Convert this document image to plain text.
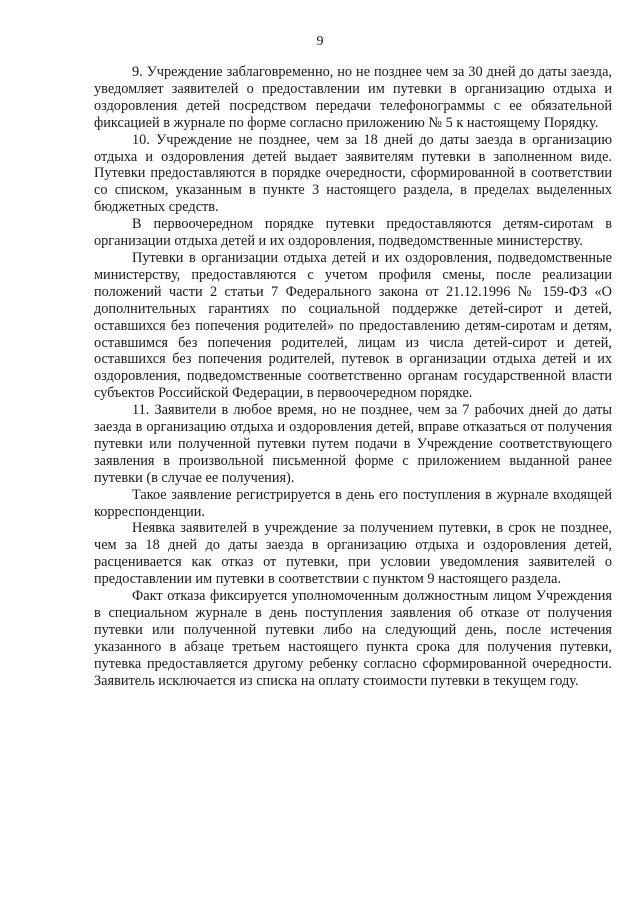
9

9. Учреждение заблаговременно, но не позднее чем за 30 дней до даты заезда, уведомляет заявителей о предоставлении им путевки в организацию отдыха и оздоровления детей посредством передачи телефонограммы с ее обязательной фиксацией в журнале по форме согласно приложению № 5 к настоящему Порядку.

10. Учреждение не позднее, чем за 18 дней до даты заезда в организацию отдыха и оздоровления детей выдает заявителям путевки в заполненном виде. Путевки предоставляются в порядке очередности, сформированной в соответствии со списком, указанным в пункте 3 настоящего раздела, в пределах выделенных бюджетных средств.

В первоочередном порядке путевки предоставляются детям-сиротам в организации отдыха детей и их оздоровления, подведомственные министерству.

Путевки в организации отдыха детей и их оздоровления, подведомственные министерству, предоставляются с учетом профиля смены, после реализации положений части 2 статьи 7 Федерального закона от 21.12.1996 № 159-ФЗ «О дополнительных гарантиях по социальной поддержке детей-сирот и детей, оставшихся без попечения родителей» по предоставлению детям-сиротам и детям, оставшимся без попечения родителей, лицам из числа детей-сирот и детей, оставшихся без попечения родителей, путевок в организации отдыха детей и их оздоровления, подведомственные соответственно органам государственной власти субъектов Российской Федерации, в первоочередном порядке.

11. Заявители в любое время, но не позднее, чем за 7 рабочих дней до даты заезда в организацию отдыха и оздоровления детей, вправе отказаться от получения путевки или полученной путевки путем подачи в Учреждение соответствующего заявления в произвольной письменной форме с приложением выданной ранее путевки (в случае ее получения).

Такое заявление регистрируется в день его поступления в журнале входящей корреспонденции.

Неявка заявителей в учреждение за получением путевки, в срок не позднее, чем за 18 дней до даты заезда в организацию отдыха и оздоровления детей, расценивается как отказ от путевки, при условии уведомления заявителей о предоставлении им путевки в соответствии с пунктом 9 настоящего раздела.

Факт отказа фиксируется уполномоченным должностным лицом Учреждения в специальном журнале в день поступления заявления об отказе от получения путевки или полученной путевки либо на следующий день, после истечения указанного в абзаце третьем настоящего пункта срока для получения путевки, путевка предоставляется другому ребенку согласно сформированной очередности. Заявитель исключается из списка на оплату стоимости путевки в текущем году.
